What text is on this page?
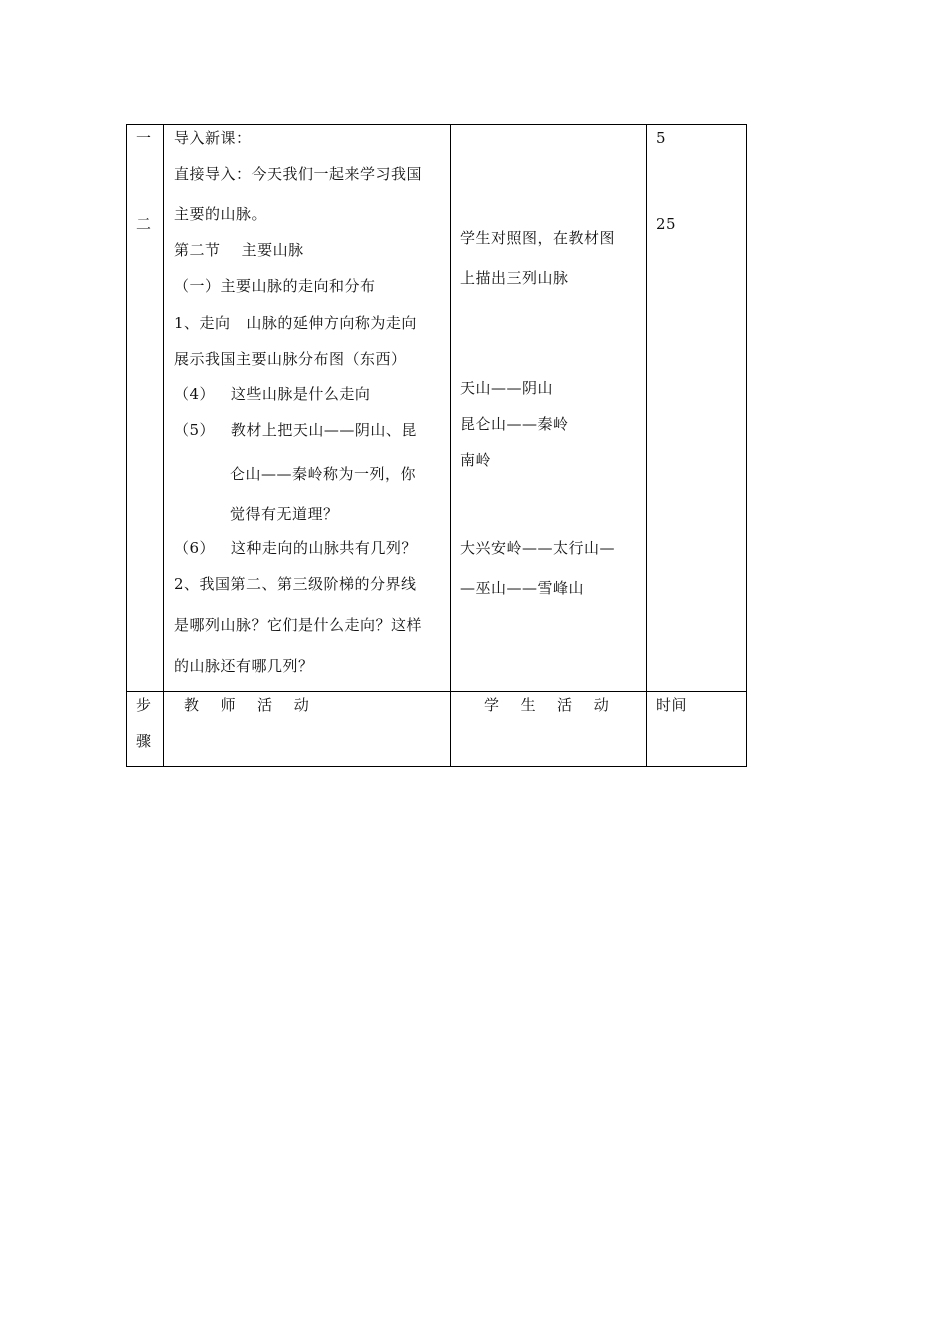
一
二
导入新课：
直接导入：今天我们一起来学习我国
主要的山脉。
第二节    主要山脉
（一）主要山脉的走向和分布
1、走向   山脉的延伸方向称为走向
展示我国主要山脉分布图（东西）
（4）   这些山脉是什么走向
（5）   教材上把天山——阴山、昆
仑山——秦岭称为一列，你
觉得有无道理？
（6）   这种走向的山脉共有几列？
2、我国第二、第三级阶梯的分界线
是哪列山脉？它们是什么走向？这样
的山脉还有哪几列？
学生对照图，在教材图
上描出三列山脉
天山——阴山
昆仑山——秦岭
南岭
大兴安岭——太行山—
—巫山——雪峰山
5
25
步
骤
教    师    活    动	学    生    活    动	时间
